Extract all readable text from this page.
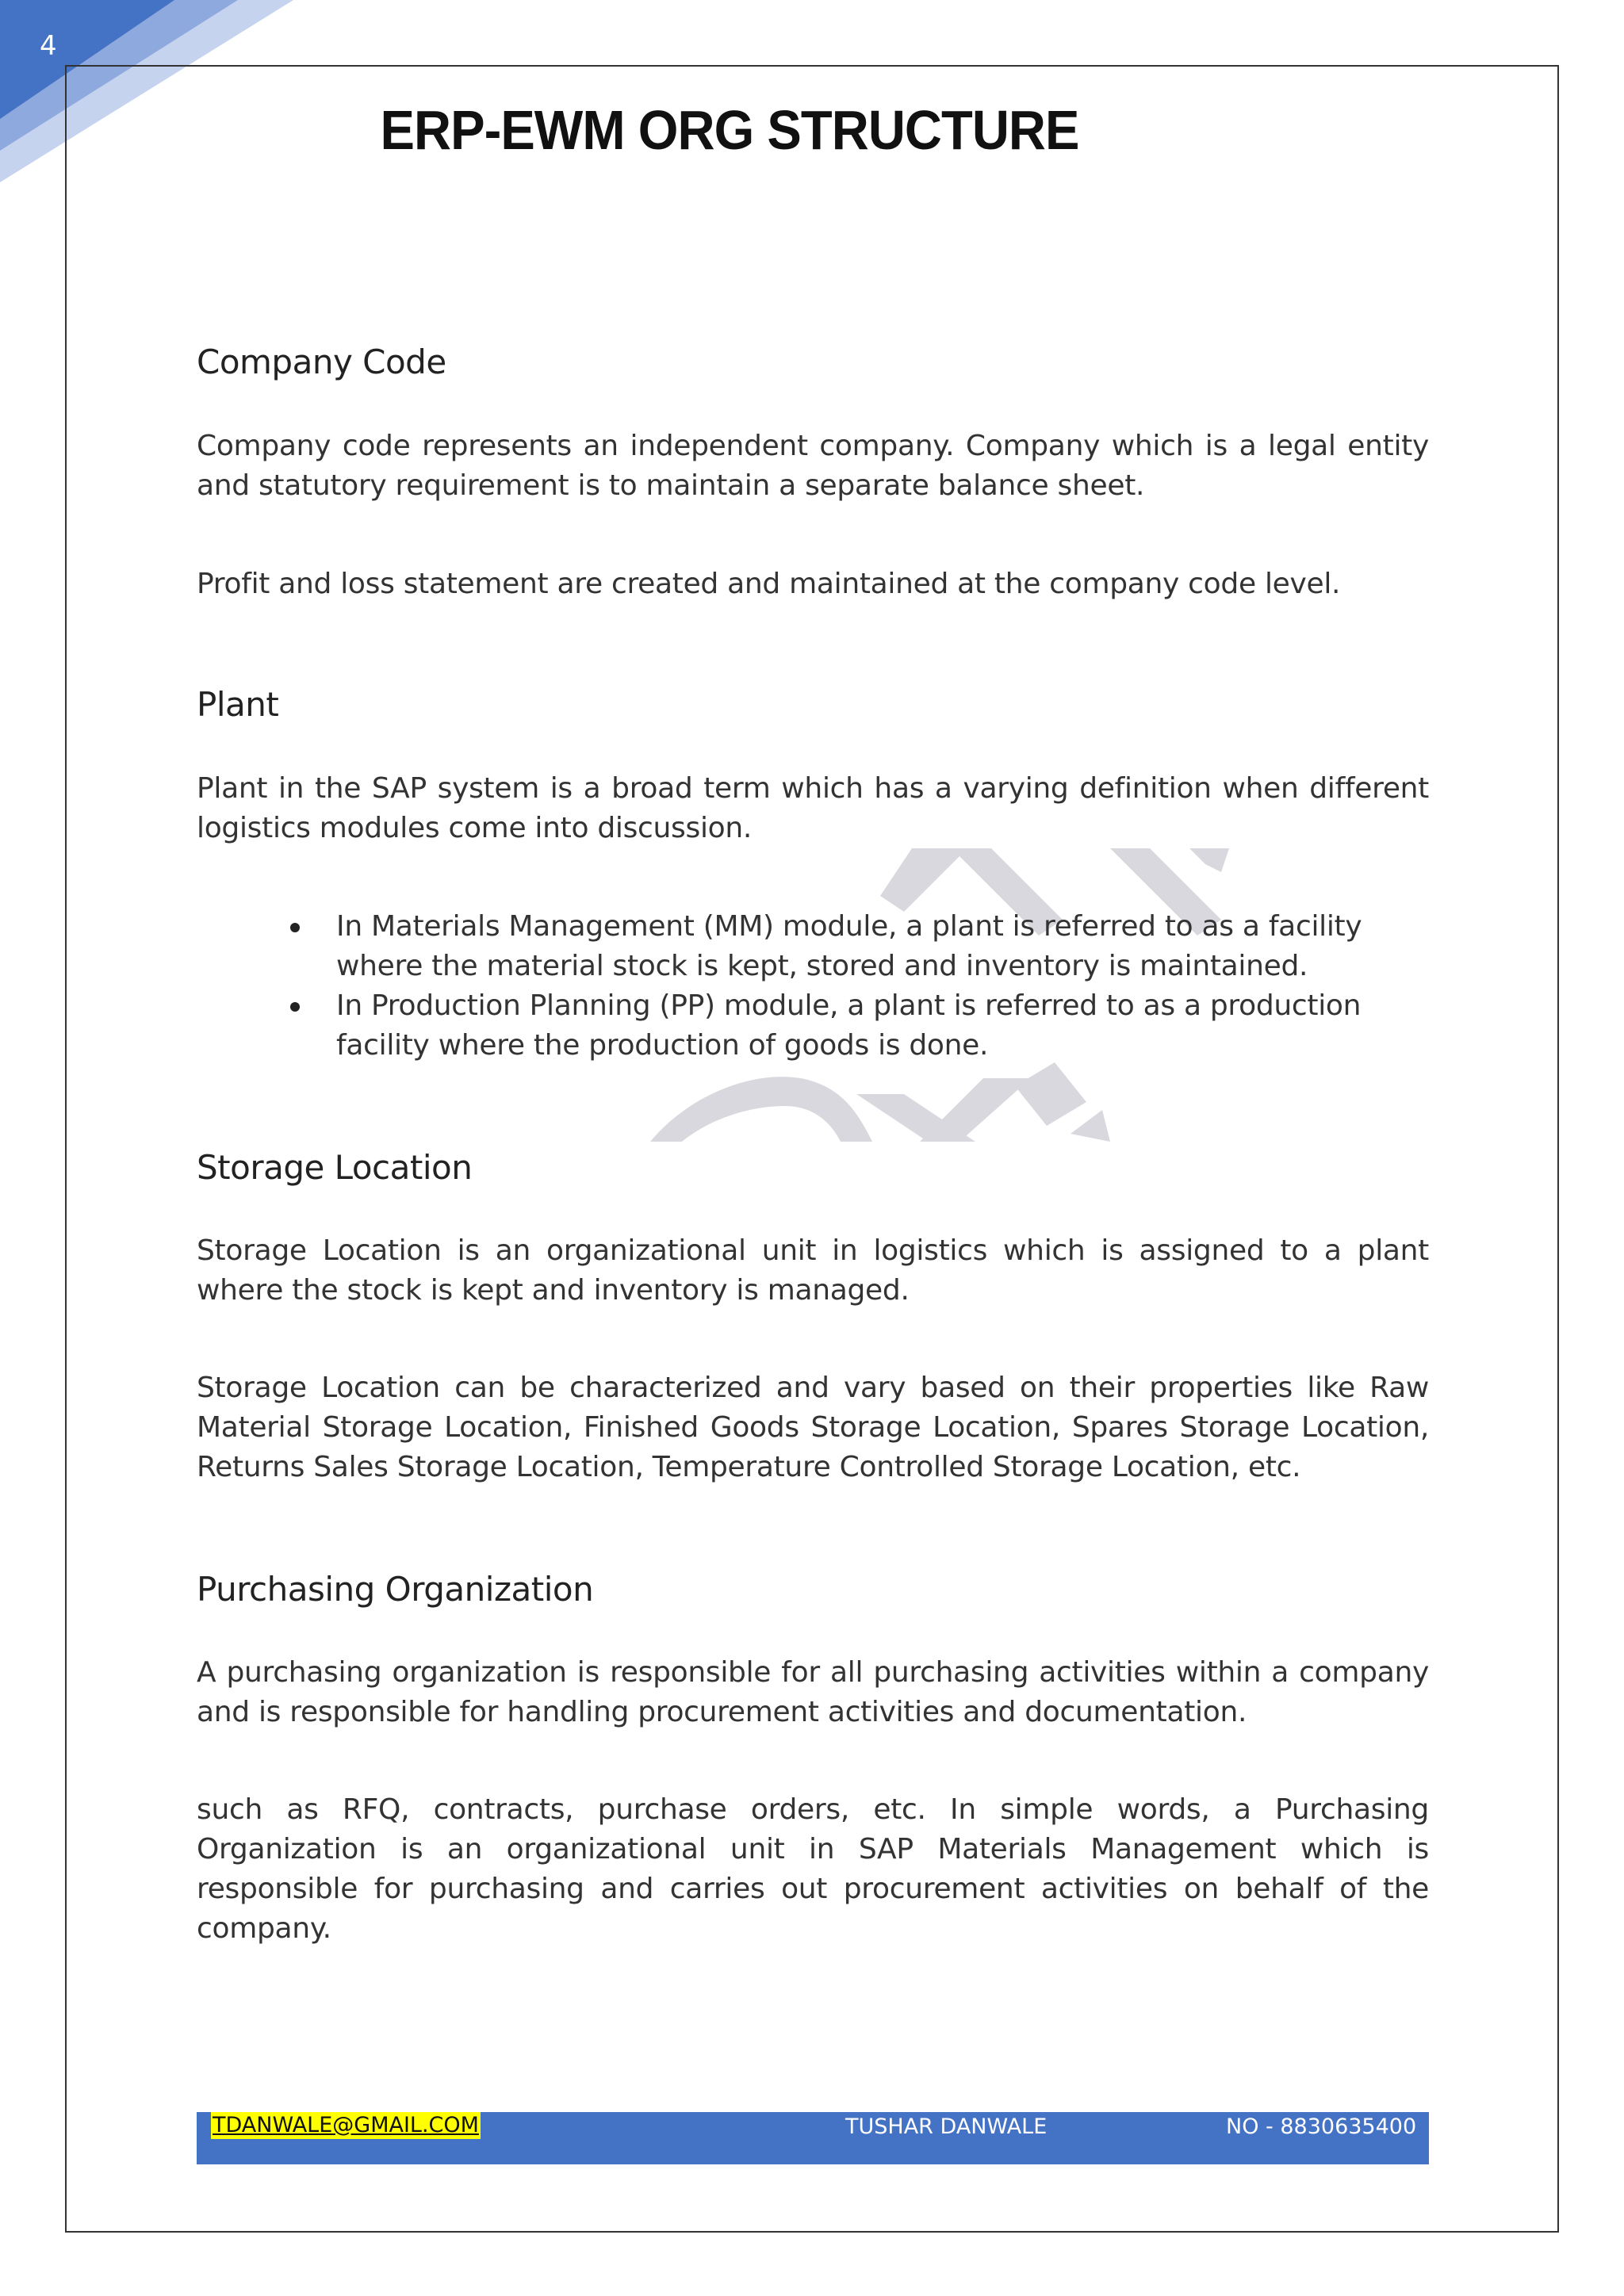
4
ERP-EWM ORG STRUCTURE
Company Code

Company code represents an independent company. Company which is a legal entity and statutory requirement is to maintain a separate balance sheet.

Profit and loss statement are created and maintained at the company code level.

Plant

Plant in the SAP system is a broad term which has a varying definition when different logistics modules come into discussion.

In Materials Management (MM) module, a plant is referred to as a facility where the material stock is kept, stored and inventory is maintained.
In Production Planning (PP) module, a plant is referred to as a production facility where the production of goods is done.
Storage Location

Storage Location is an organizational unit in logistics which is assigned to a plant where the stock is kept and inventory is managed.

Storage Location can be characterized and vary based on their properties like Raw Material Storage Location, Finished Goods Storage Location, Spares Storage Location, Returns Sales Storage Location, Temperature Controlled Storage Location, etc.

Purchasing Organization

A purchasing organization is responsible for all purchasing activities within a company and is responsible for handling procurement activities and documentation.

such as RFQ, contracts, purchase orders, etc. In simple words, a Purchasing Organization is an organizational unit in SAP Materials Management which is responsible for purchasing and carries out procurement activities on behalf of the company.

TDANWALE@GMAIL.COM	TUSHAR DANWALE	NO - 8830635400
